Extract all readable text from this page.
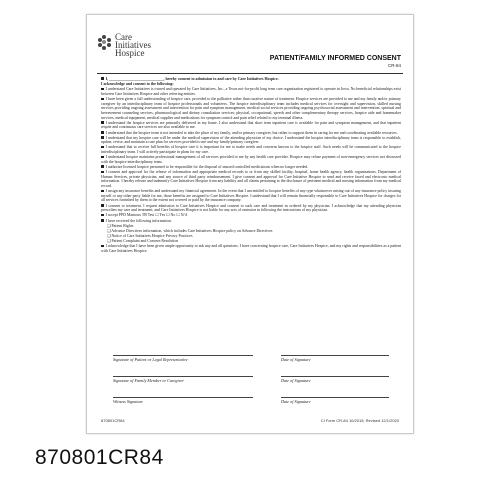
Care
Initiatives
Hospice
PATIENT/FAMILY INFORMED CONSENT
CR-84

I, ____________________________, hereby consent to admission to and care by Care Initiatives Hospice.

I acknowledge and consent to the following:

I understand Care Initiatives is owned and operated by Care Initiatives, Inc., a Texas not-for-profit long term care organization registered to operate in Iowa. No beneficial relationships exist between Care Initiatives Hospice and other referring entities.

I have been given a full understanding of hospice care, provided to the palliative rather than curative nature of treatment. Hospice services are provided to me and my family and/or primary caregiver by an interdisciplinary team of hospice professionals and volunteers. The hospice interdisciplinary team includes medical services for oversight and supervision, skilled nursing services providing ongoing assessment and intervention for pain and symptom management, medical social services providing ongoing psychosocial assessment and intervention, spiritual and bereavement counseling services, pharmacological and dietary consultation services; physical, occupational, speech and other complementary therapy services, hospice aide and homemaker services, medical equipment, medical supplies and medications for symptom control and pain relief related to my terminal illness.

I understand the hospice services are primarily delivered in my home. I also understand that short term inpatient care is available for pain and symptom management, and that inpatient respite and continuous care services are also available to me.

I understand that the hospice team is not intended to take the place of my family, and/or primary caregiver, but rather to support them in caring for me and coordinating available resources.

I understand that my hospice care will be under the medical supervision of the attending physician of my choice. I understand the hospice interdisciplinary team is responsible to establish, update, revise, and maintain a care plan for services provided to me and my family/primary caregiver.

I understand that to receive full benefits of hospice care it is important for me to make needs and concerns known to the hospice staff. Such needs will be communicated to the hospice interdisciplinary team. I will actively participate in plans for my care.

I understand hospice maintains professional management of all services provided to me by any health care provider. Hospice may refuse payment of non-emergency services not discussed with the hospice interdisciplinary team.

I authorize licensed hospice personnel to be responsible for the disposal of unused controlled medications when no longer needed.

I consent and approval for the release of information and appropriate medical records to or from any skilled facility, hospital, home health agency, health organizations, Department of Human Services, private physician, and any source of third party reimbursement. I give consent and approval for Care Initiative Hospice to send and receive faxed and electronic medical information. I hereby release and indemnify Care Initiatives Hospice from any liability and all claims pertaining to the disclosure of pertinent medical and nursing information from my medical record.

I assign any insurance benefits and understand my financial agreement. In the event that I am entitled to hospice benefits of any type whatsoever arising out of any insurance policy insuring myself or any other party liable for me, those benefits are assigned to Care Initiatives Hospice. I understand that I will remain financially responsible to Care Initiatives Hospice for charges for all services furnished by them to the extent not covered or paid by the insurance company.

I consent to treatment. I request admission to Care Initiatives Hospice and consent to such care and treatment as ordered by my physician. I acknowledge that my attending physician prescribes my care and treatment, and Care Initiatives Hospice is not liable for any acts of omission in following the instructions of my physician.

I accept PPD Mantoux TB Test ☐ Yes ☐ No ☐ N/A

I have received the following information:

❑ Patient Rights

❑ Advance Directives information, which includes Care Initiatives Hospice policy on Advance Directives

❑ Notice of Care Initiatives Hospice Privacy Practices

❑ Patient Complaint and Concern Resolution

I acknowledge that I have been given ample opportunity to ask any and all questions. I have concerning hospice care, Care Initiatives Hospice, and my rights and responsibilities as a patient with Care Initiatives Hospice.

Signature of Patient or Legal Representative	Date of Signature
Signature of Family Member or Caregiver	Date of Signature
Witness Signature	Date of Signature
870801CR84	CI Form CR-84 10/2015; Revised 12/1/2020
870801CR84
